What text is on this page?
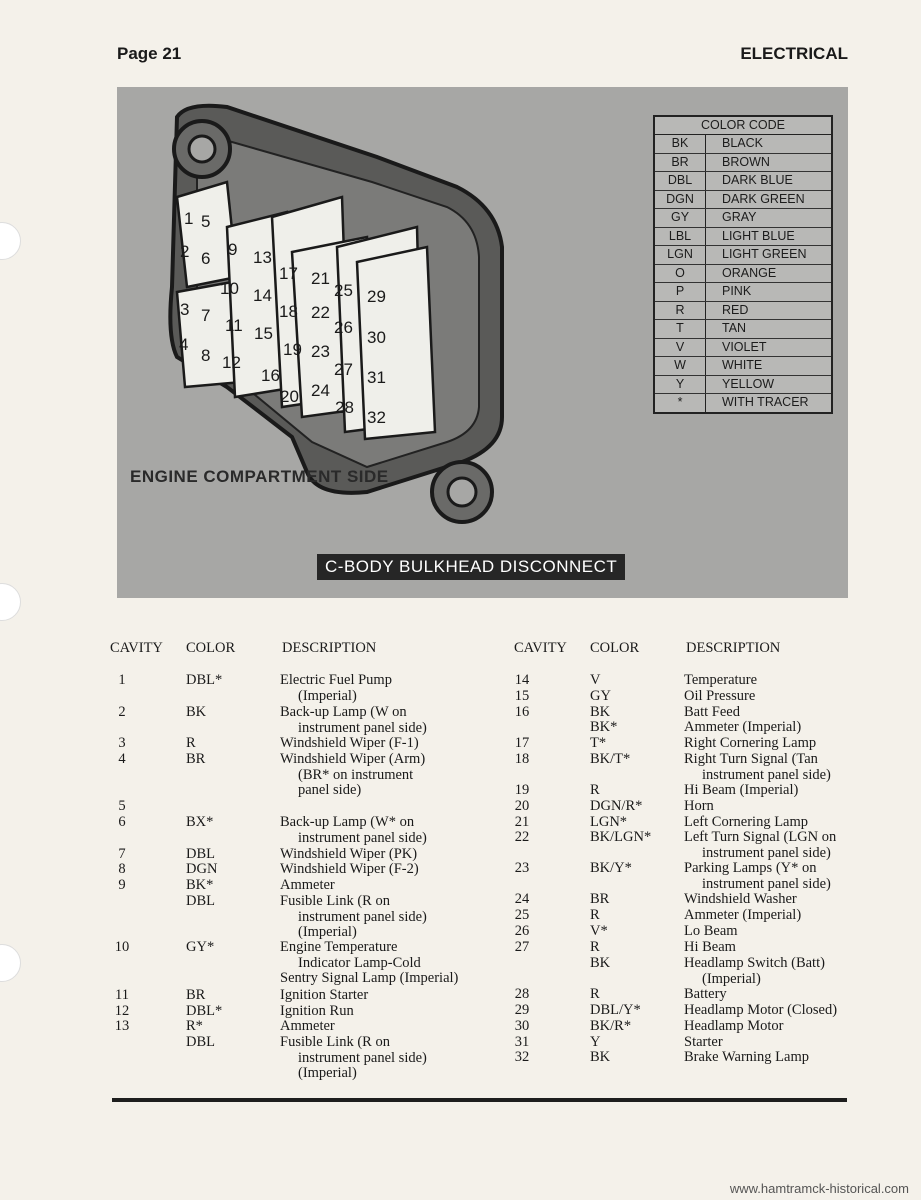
Page 21	ELECTRICAL
1 5
2 6
3 7
4
8
9
10
11
12
13
14
15
16
17
18
19
20
21
22
23
24
25
26
27
28
29
30
31
32
ENGINE COMPARTMENT SIDE
C-BODY BULKHEAD DISCONNECT
COLOR CODE
BK	BLACK
BR	BROWN
DBL	DARK BLUE
DGN	DARK GREEN
GY	GRAY
LBL	LIGHT BLUE
LGN	LIGHT GREEN
O	ORANGE
P	PINK
R	RED
T	TAN
V	VIOLET
W	WHITE
Y	YELLOW
*	WITH TRACER
CAVITY COLOR	DESCRIPTION	CAVITY COLOR	DESCRIPTION
1	DBL*	Electric Fuel Pump
(Imperial)
2	BK	Back-up Lamp (W on
instrument panel side)
3	R	Windshield Wiper (F-1)
4	BR	Windshield Wiper (Arm)
(BR* on instrument
panel side)
5
6	BX*	Back-up Lamp (W* on
instrument panel side)
7	DBL	Windshield Wiper (PK)
8	DGN	Windshield Wiper (F-2)
9	BK*	Ammeter
DBL	Fusible Link (R on
instrument panel side)
(Imperial)
10	GY*	Engine Temperature
Indicator Lamp-Cold
Sentry Signal Lamp (Imperial)
11	BR	Ignition Starter
12	DBL*	Ignition Run
13	R*	Ammeter
DBL	Fusible Link (R on
instrument panel side)
(Imperial)
14	V	Temperature
15	GY	Oil Pressure
16	BK	Batt Feed
BK*	Ammeter (Imperial)
17	T*	Right Cornering Lamp
18	BK/T*	Right Turn Signal (Tan
instrument panel side)
19	R	Hi Beam (Imperial)
20	DGN/R*	Horn
21	LGN*	Left Cornering Lamp
22	BK/LGN* Left Turn Signal (LGN on
instrument panel side)
23	BK/Y*	Parking Lamps (Y* on
instrument panel side)
24	BR	Windshield Washer
25	R	Ammeter (Imperial)
26	V*	Lo Beam
27	R	Hi Beam
BK	Headlamp Switch (Batt)
(Imperial)
28	R	Battery
29	DBL/Y*	Headlamp Motor (Closed)
30	BK/R*	Headlamp Motor
31	Y	Starter
32	BK	Brake Warning Lamp
www.hamtramck-historical.com
